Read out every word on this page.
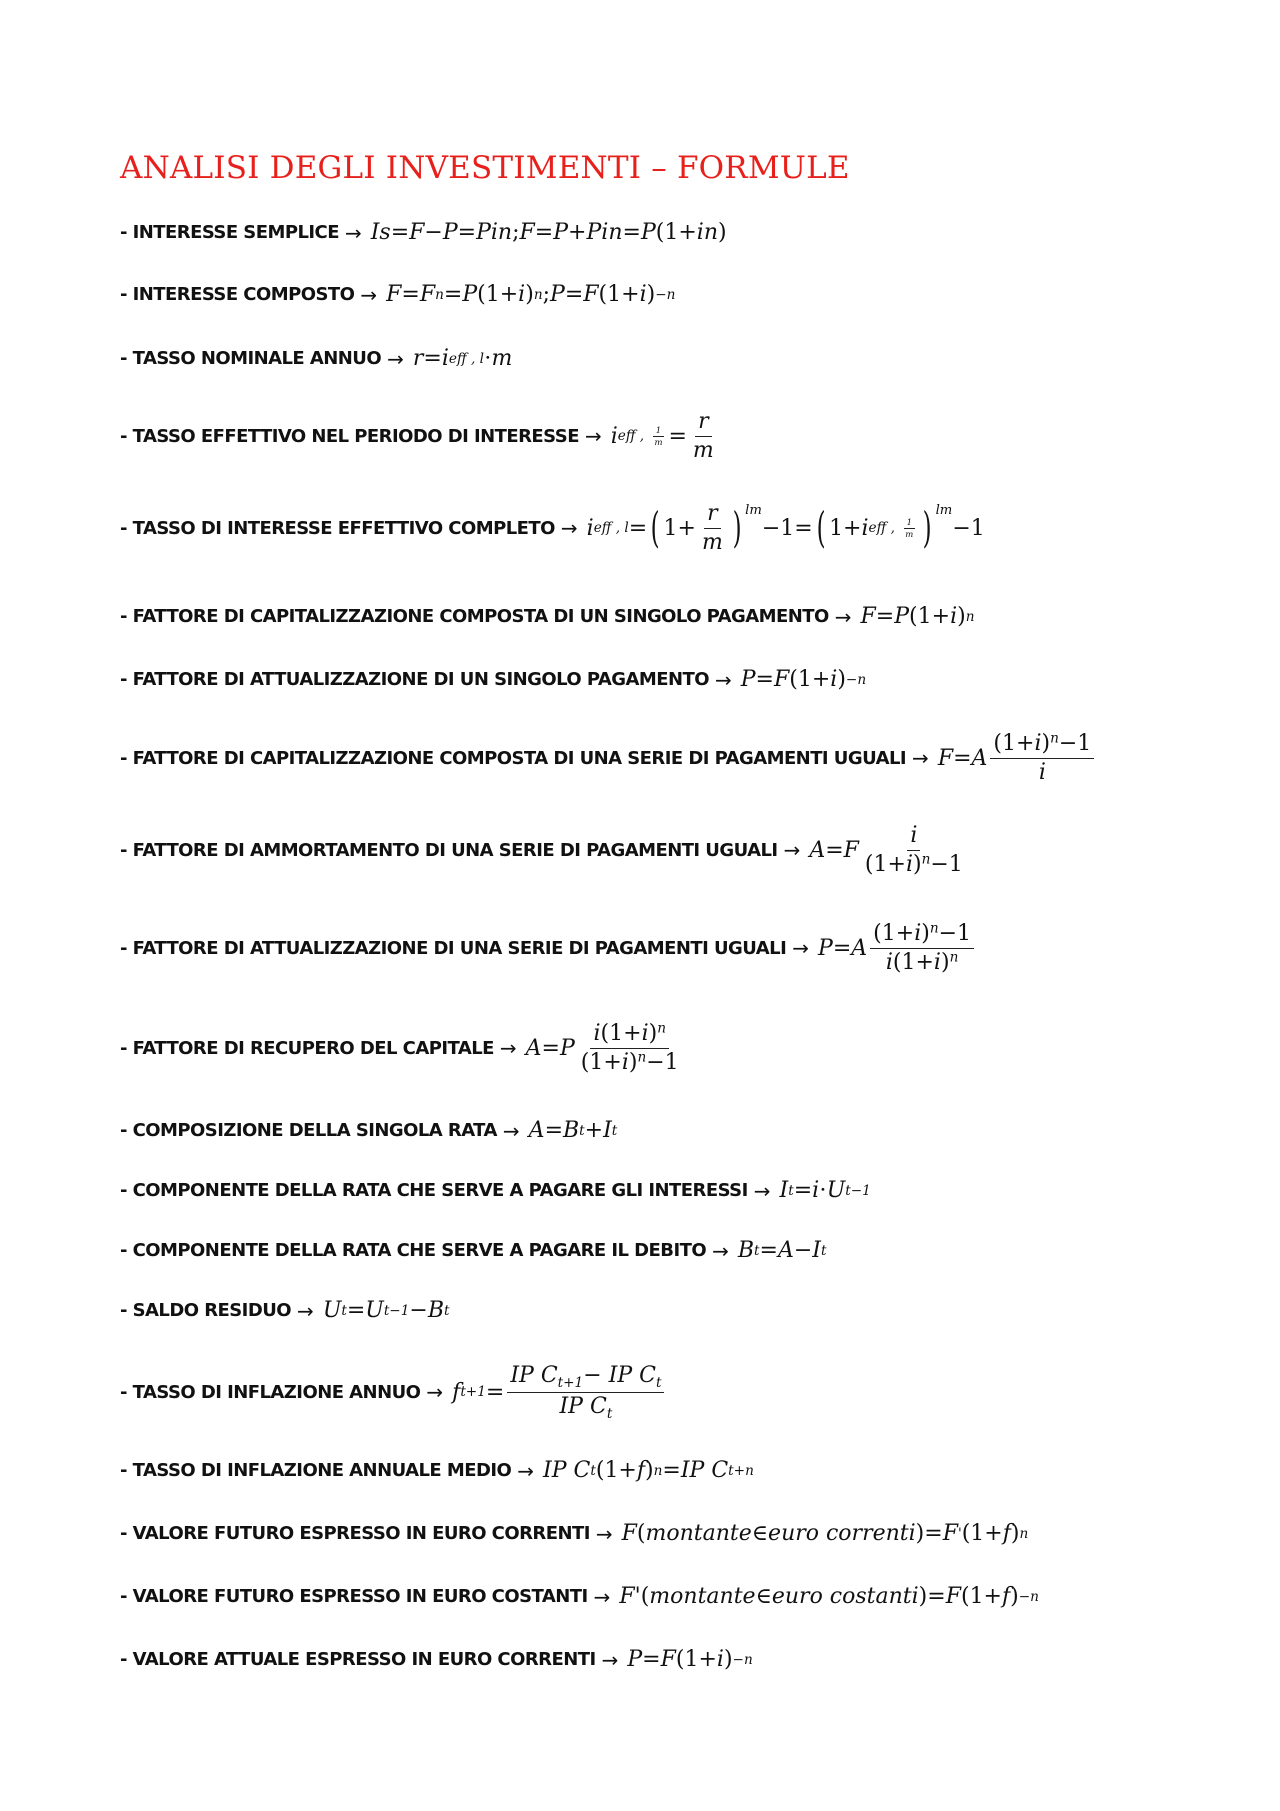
ANALISI DEGLI INVESTIMENTI – FORMULE
- INTERESSE SEMPLICE → Is = F − P = Pin ; F = P + Pin = P ( 1+ in )
- INTERESSE COMPOSTO → F = F n = P ( 1+ i ) n ; P = F ( 1+ i ) −n
- TASSO NOMINALE ANNUO → r = i eff , l ⋅ m
- TASSO EFFETTIVO NEL PERIODO DI INTERESSE → i eff , 1
m =
r
m
- TASSO DI INTERESSE EFFETTIVO COMPLETO → i eff , l = ( 1+
r
m ) lm
−1= ( 1+ i eff , 1
m ) lm
−1
- FATTORE DI CAPITALIZZAZIONE COMPOSTA DI UN SINGOLO PAGAMENTO → F = P ( 1+ i ) n
- FATTORE DI ATTUALIZZAZIONE DI UN SINGOLO PAGAMENTO → P = F ( 1+ i ) −n
- FATTORE DI CAPITALIZZAZIONE COMPOSTA DI UNA SERIE DI PAGAMENTI UGUALI → F = A
$(1+i)^n-1$
i
- FATTORE DI AMMORTAMENTO DI UNA SERIE DI PAGAMENTI UGUALI → A = F
i
$(1+i)^n-1$
- FATTORE DI ATTUALIZZAZIONE DI UNA SERIE DI PAGAMENTI UGUALI → P = A
$(1+i)^n-1$
$i(1+i)^n$
- FATTORE DI RECUPERO DEL CAPITALE → A = P
$i(1+i)^n$
$(1+i)^n-1$
- COMPOSIZIONE DELLA SINGOLA RATA → A = B t + I t
- COMPONENTE DELLA RATA CHE SERVE A PAGARE GLI INTERESSI → I t = i ⋅ U t−1
- COMPONENTE DELLA RATA CHE SERVE A PAGARE IL DEBITO → B t = A − I t
- SALDO RESIDUO → U t = U t−1 − B t
- TASSO DI INFLAZIONE ANNUO → f t+1 =
IP $C_{t+1}-$ IP $C_t$
IP $C_t$
- TASSO DI INFLAZIONE ANNUALE MEDIO → IP C t ( 1+ f ) n = IP C t+n
- VALORE FUTURO ESPRESSO IN EURO CORRENTI → F ( montante ∈ euro correnti ) = F ' ( 1+ f ) n
- VALORE FUTURO ESPRESSO IN EURO COSTANTI → F ' ( montante ∈ euro costanti ) = F ( 1+ f ) −n
- VALORE ATTUALE ESPRESSO IN EURO CORRENTI → P = F ( 1+ i ) −n
